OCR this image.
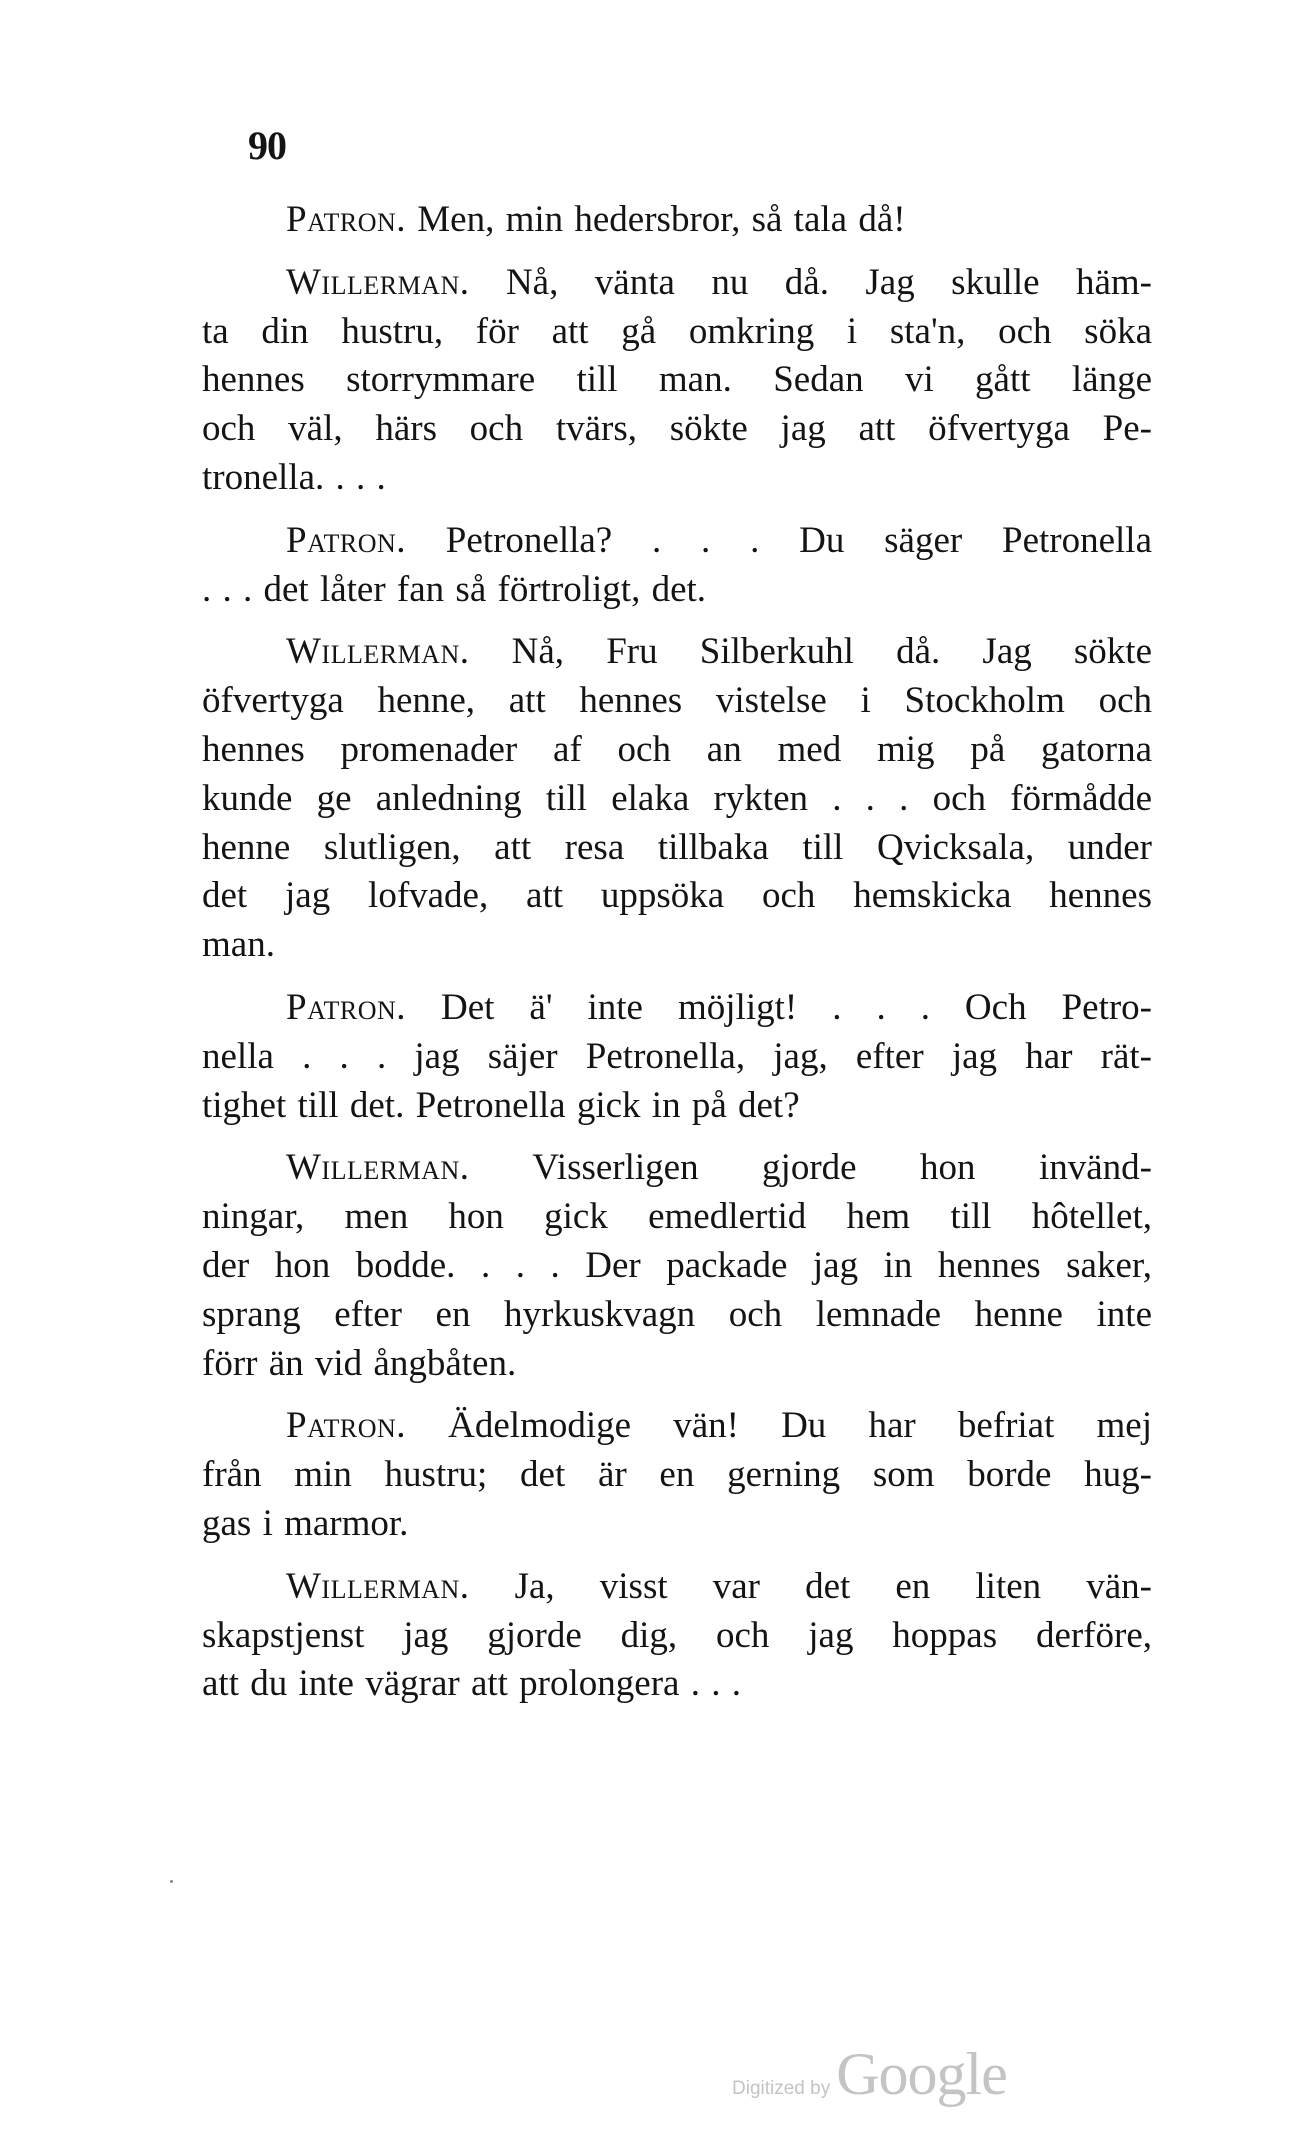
90

Patron. Men, min hedersbror, så tala då!

Willerman. Nå, vänta nu då. Jag skulle häm-
ta din hustru, för att gå omkring i sta'n, och söka
hennes storrymmare till man. Sedan vi gått länge
och väl, härs och tvärs, sökte jag att öfvertyga Pe-
tronella. . . .

Patron. Petronella? . . . Du säger Petronella
. . . det låter fan så förtroligt, det.

Willerman. Nå, Fru Silberkuhl då. Jag sökte
öfvertyga henne, att hennes vistelse i Stockholm och
hennes promenader af och an med mig på gatorna
kunde ge anledning till elaka rykten . . . och förmådde
henne slutligen, att resa tillbaka till Qvicksala, under
det jag lofvade, att uppsöka och hemskicka hennes
man.

Patron. Det ä' inte möjligt! . . . Och Petro-
nella . . . jag säjer Petronella, jag, efter jag har rät-
tighet till det. Petronella gick in på det?

Willerman. Visserligen gjorde hon invänd-
ningar, men hon gick emedlertid hem till hôtellet,
der hon bodde. . . . Der packade jag in hennes saker,
sprang efter en hyrkuskvagn och lemnade henne inte
förr än vid ångbåten.

Patron. Ädelmodige vän! Du har befriat mej
från min hustru; det är en gerning som borde hug-
gas i marmor.

Willerman. Ja, visst var det en liten vän-
skapstjenst jag gjorde dig, och jag hoppas derföre,
att du inte vägrar att prolongera . . .

Digitized by Google
